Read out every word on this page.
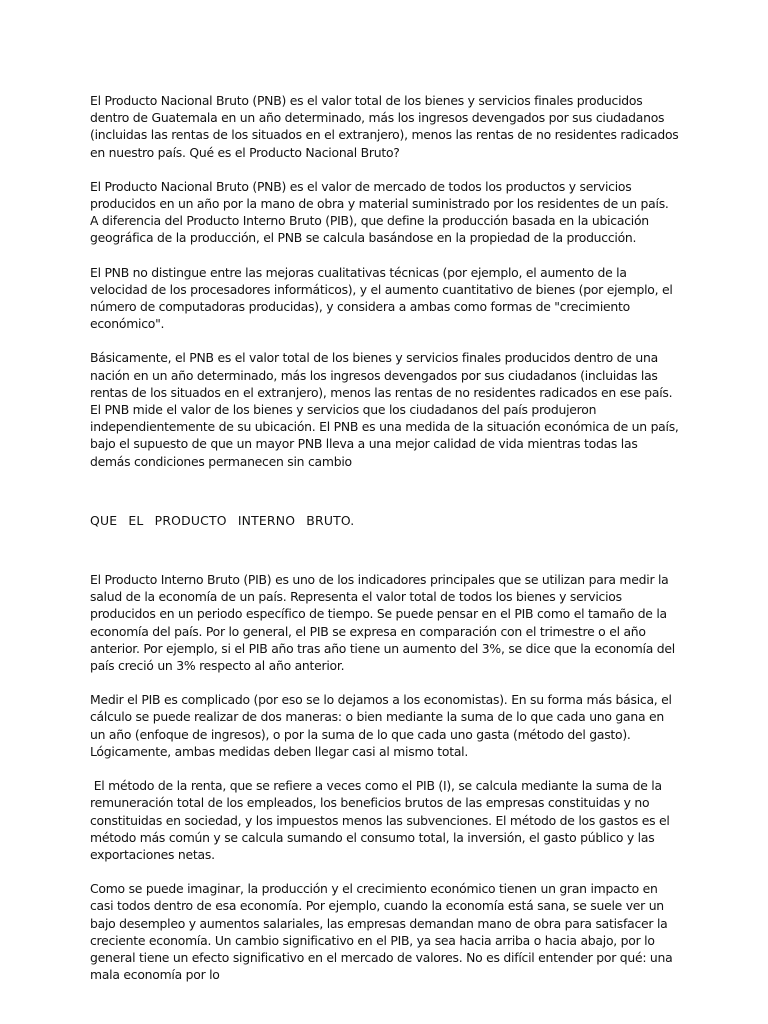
El Producto Nacional Bruto (PNB) es el valor total de los bienes y servicios finales producidos dentro de Guatemala en un año determinado, más los ingresos devengados por sus ciudadanos (incluidas las rentas de los situados en el extranjero), menos las rentas de no residentes radicados en nuestro país. Qué es el Producto Nacional Bruto?

El Producto Nacional Bruto (PNB) es el valor de mercado de todos los productos y servicios producidos en un año por la mano de obra y material suministrado por los residentes de un país. A diferencia del Producto Interno Bruto (PIB), que define la producción basada en la ubicación geográfica de la producción, el PNB se calcula basándose en la propiedad de la producción.

El PNB no distingue entre las mejoras cualitativas técnicas (por ejemplo, el aumento de la velocidad de los procesadores informáticos), y el aumento cuantitativo de bienes (por ejemplo, el número de computadoras producidas), y considera a ambas como formas de "crecimiento económico".

Básicamente, el PNB es el valor total de los bienes y servicios finales producidos dentro de una nación en un año determinado, más los ingresos devengados por sus ciudadanos (incluidas las rentas de los situados en el extranjero), menos las rentas de no residentes radicados en ese país. El PNB mide el valor de los bienes y servicios que los ciudadanos del país produjeron independientemente de su ubicación. El PNB es una medida de la situación económica de un país, bajo el supuesto de que un mayor PNB lleva a una mejor calidad de vida mientras todas las demás condiciones permanecen sin cambio

QUE EL PRODUCTO INTERNO BRUTO.

El Producto Interno Bruto (PIB) es uno de los indicadores principales que se utilizan para medir la salud de la economía de un país. Representa el valor total de todos los bienes y servicios producidos en un periodo específico de tiempo. Se puede pensar en el PIB como el tamaño de la economía del país. Por lo general, el PIB se expresa en comparación con el trimestre o el año anterior. Por ejemplo, si el PIB año tras año tiene un aumento del 3%, se dice que la economía del país creció un 3% respecto al año anterior.

Medir el PIB es complicado (por eso se lo dejamos a los economistas). En su forma más básica, el cálculo se puede realizar de dos maneras: o bien mediante la suma de lo que cada uno gana en un año (enfoque de ingresos), o por la suma de lo que cada uno gasta (método del gasto). Lógicamente, ambas medidas deben llegar casi al mismo total.

El método de la renta, que se refiere a veces como el PIB (I), se calcula mediante la suma de la remuneración total de los empleados, los beneficios brutos de las empresas constituidas y no constituidas en sociedad, y los impuestos menos las subvenciones. El método de los gastos es el método más común y se calcula sumando el consumo total, la inversión, el gasto público y las exportaciones netas.

Como se puede imaginar, la producción y el crecimiento económico tienen un gran impacto en casi todos dentro de esa economía. Por ejemplo, cuando la economía está sana, se suele ver un bajo desempleo y aumentos salariales, las empresas demandan mano de obra para satisfacer la creciente economía. Un cambio significativo en el PIB, ya sea hacia arriba o hacia abajo, por lo general tiene un efecto significativo en el mercado de valores. No es difícil entender por qué: una mala economía por lo
